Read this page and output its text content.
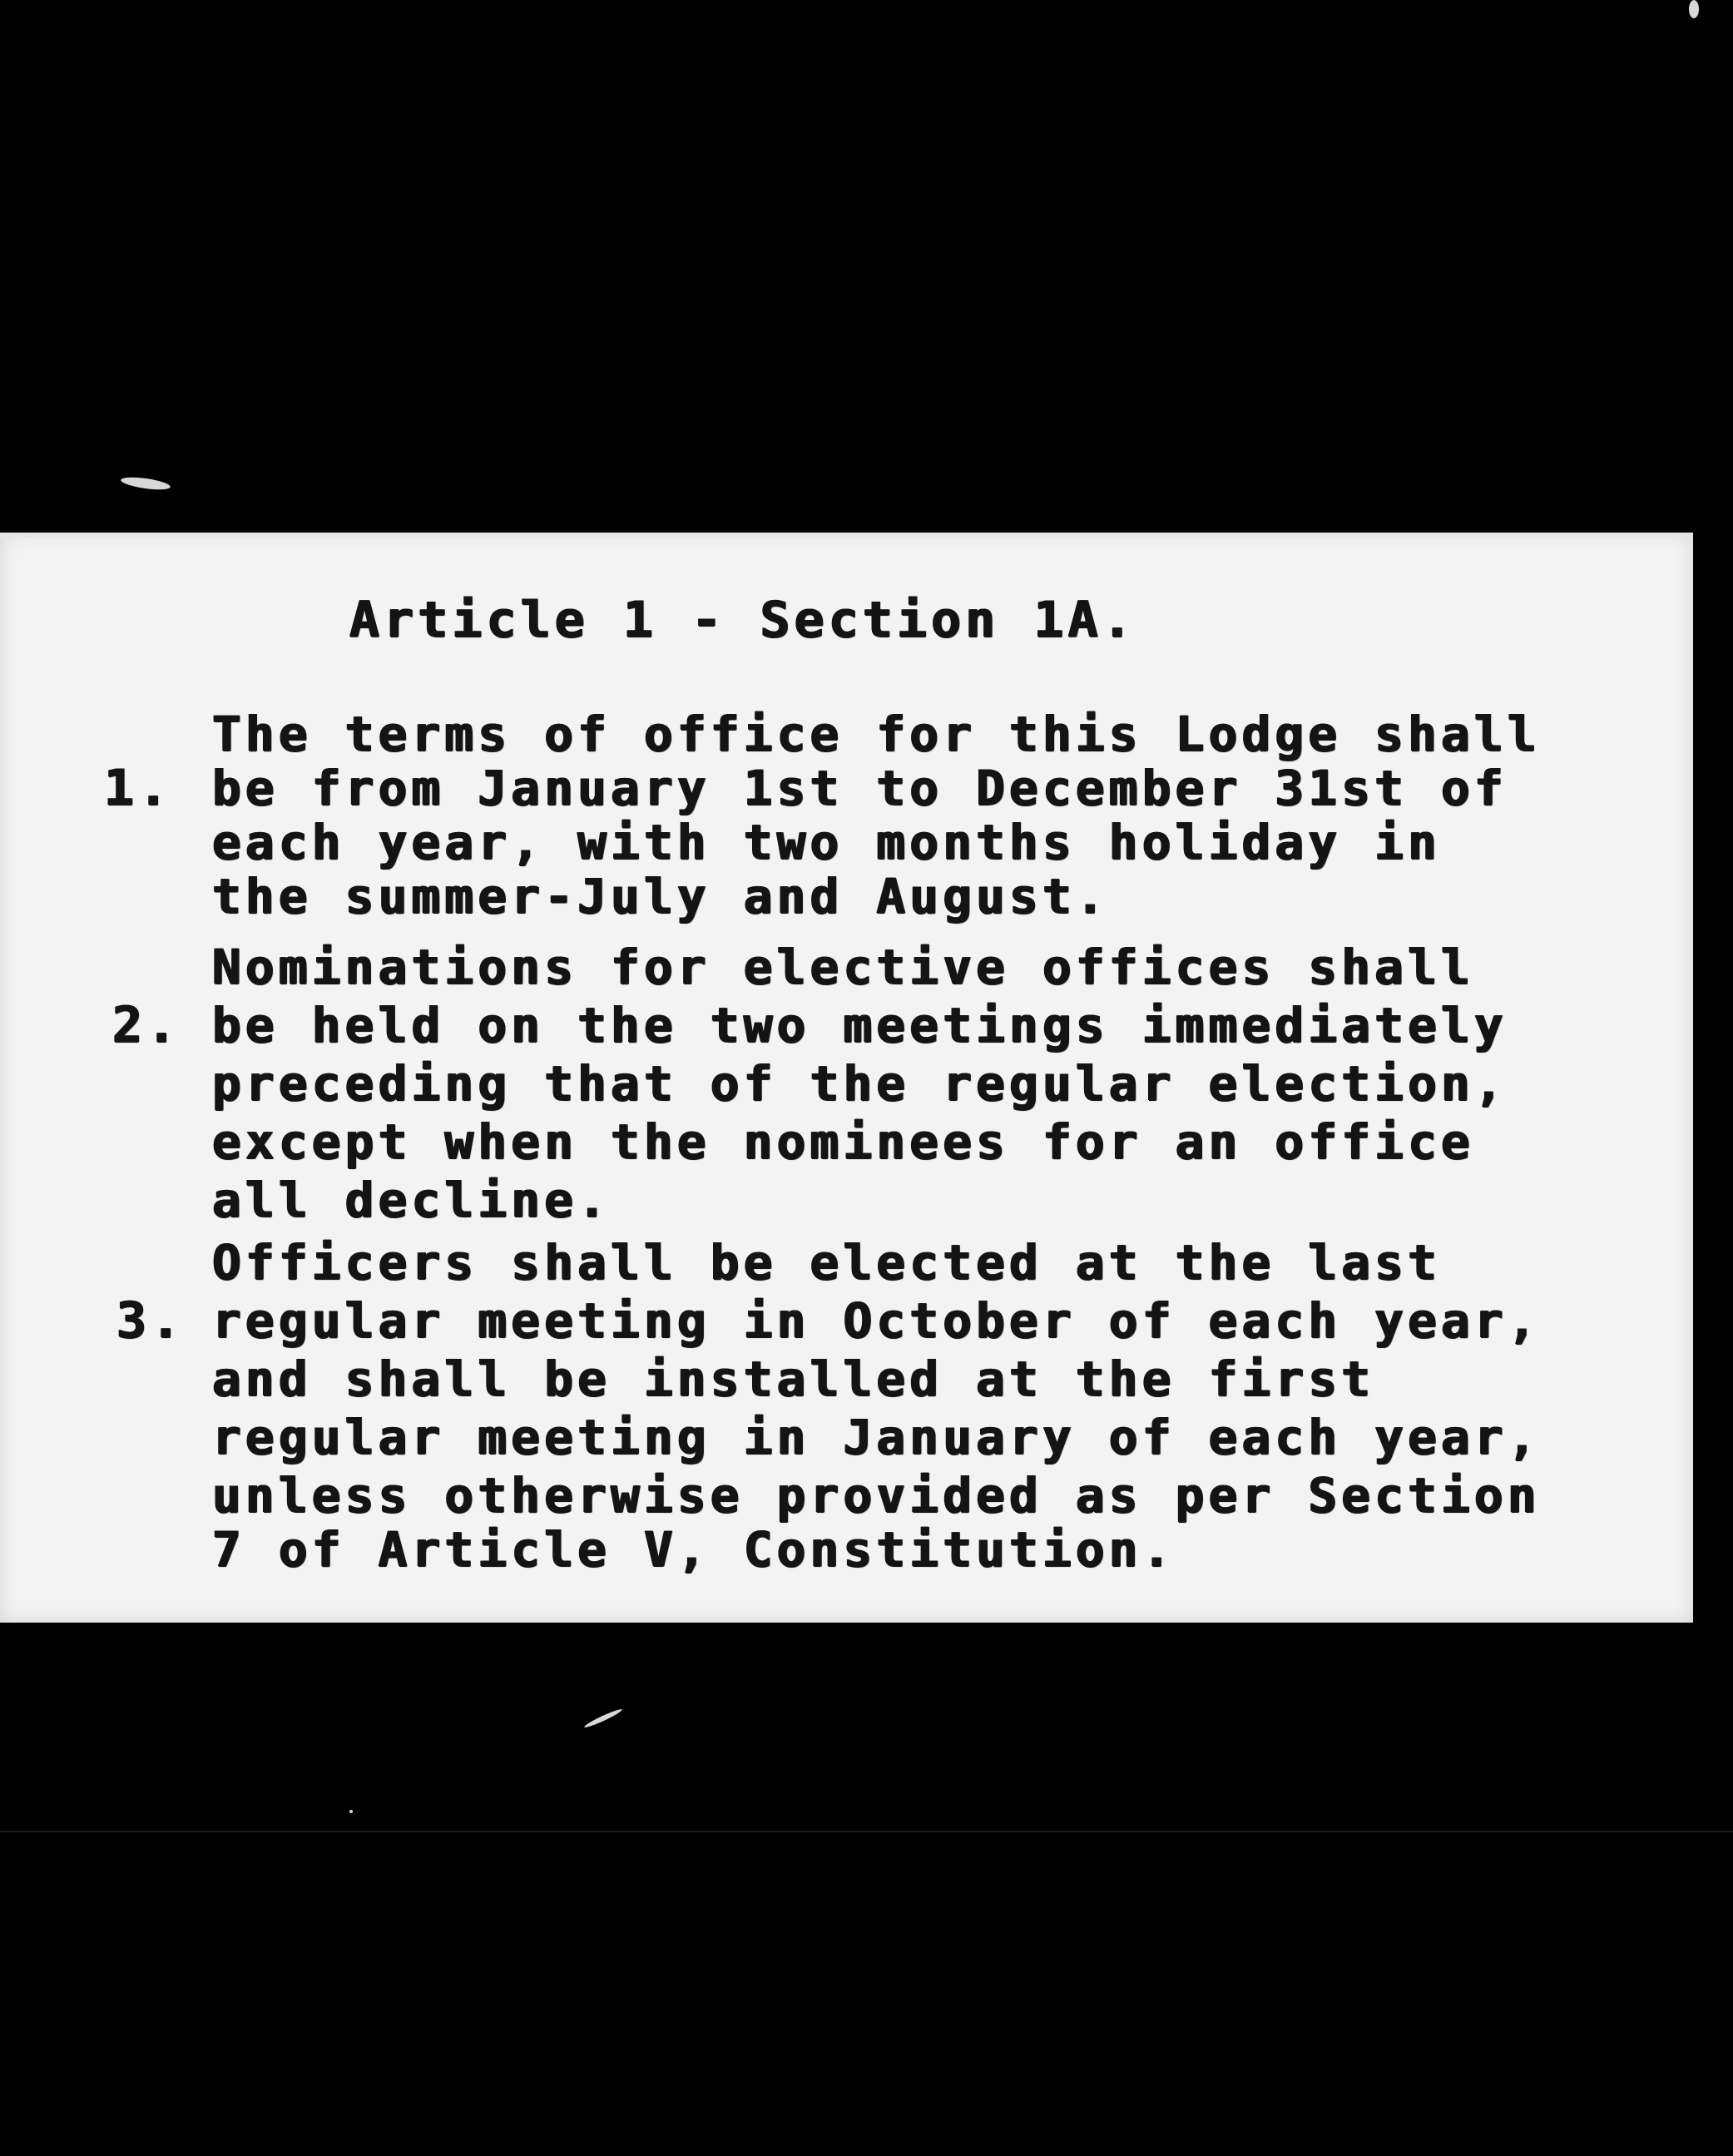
Article 1 - Section 1A.
1.
The terms of office for this Lodge shall
be from January 1st to December 31st of
each year, with two months holiday in
the summer-July and August.
2.
Nominations for elective offices shall
be held on the two meetings immediately
preceding that of the regular election,
except when the nominees for an office
all decline.
3.
Officers shall be elected at the last
regular meeting in October of each year,
and shall be installed at the first
regular meeting in January of each year,
unless otherwise provided as per Section
7 of Article V, Constitution.
